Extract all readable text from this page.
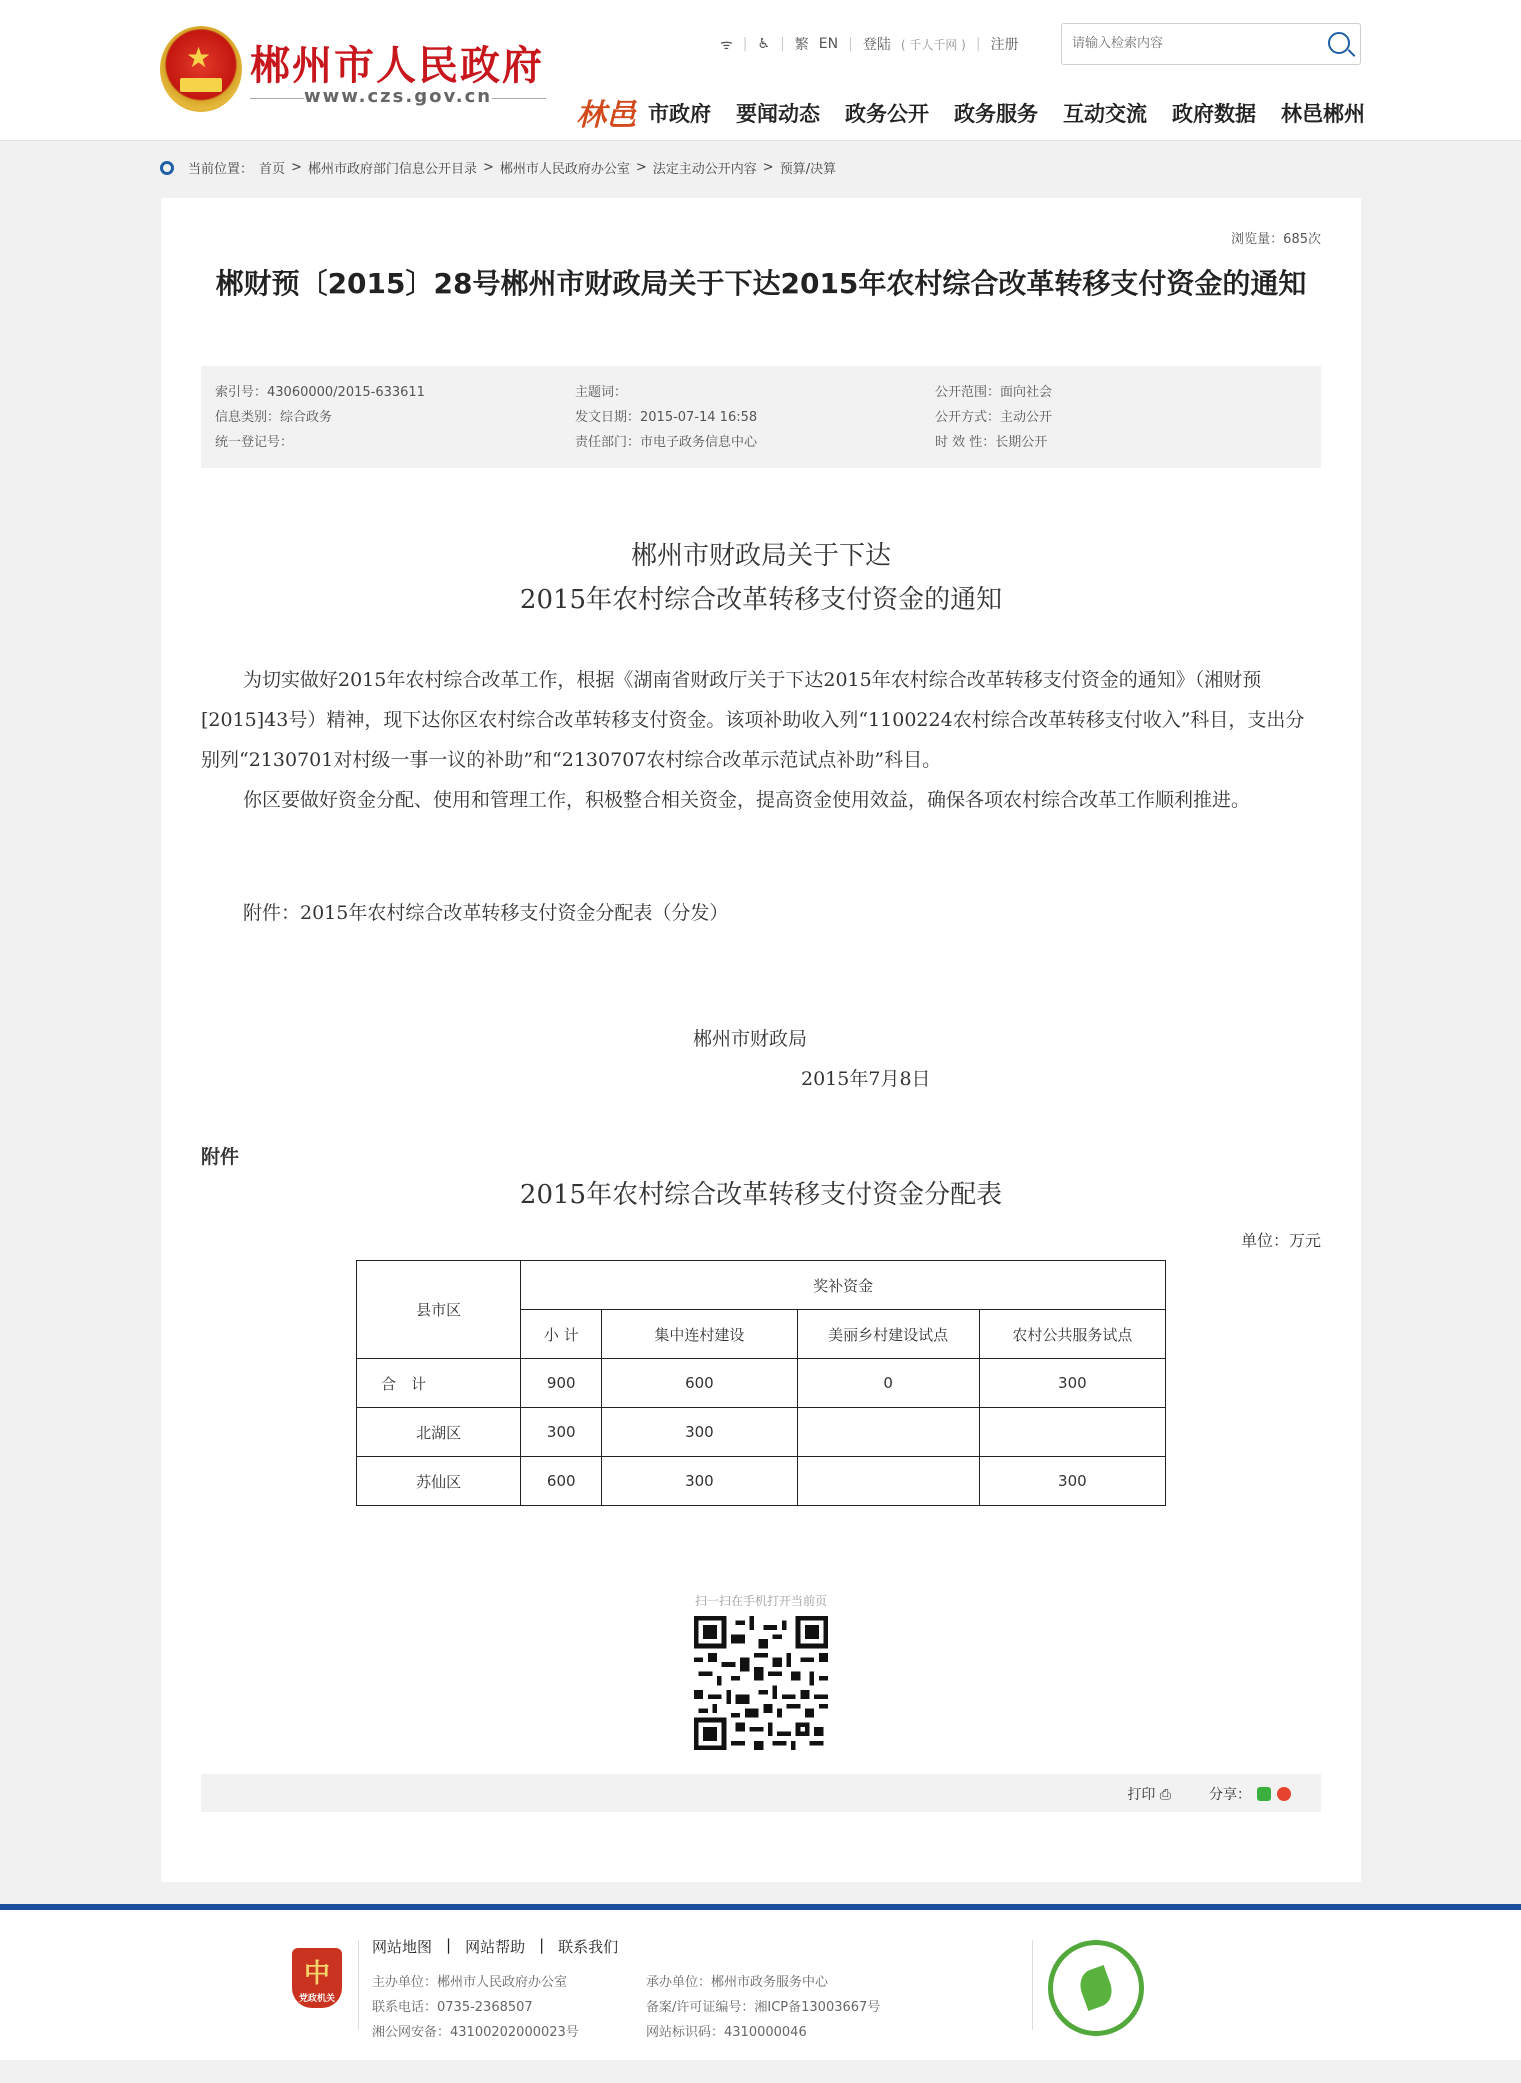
★ 郴州市人民政府
www.czs.gov.cn
ᯤ | ♿ | 繁 EN | 登陆 ( 千人千网 ) | 注册
请输入检索内容
林邑 市政府 要闻动态 政务公开 政务服务 互动交流 政府数据 林邑郴州
当前位置： 首页 > 郴州市政府部门信息公开目录 > 郴州市人民政府办公室 > 法定主动公开内容 > 预算/决算
浏览量：685次
郴财预〔2015〕28号郴州市财政局关于下达2015年农村综合改革转移支付资金的通知
索引号：43060000/2015-633611
信息类别：综合政务
统一登记号：
主题词：
发文日期：2015-07-14 16:58
责任部门：市电子政务信息中心
公开范围：面向社会
公开方式：主动公开
时 效 性：长期公开
郴州市财政局关于下达
2015年农村综合改革转移支付资金的通知

为切实做好2015年农村综合改革工作，根据《湖南省财政厅关于下达2015年农村综合改革转移支付资金的通知》（湘财预[2015]43号）精神，现下达你区农村综合改革转移支付资金。该项补助收入列“1100224农村综合改革转移支付收入”科目，支出分别列“2130701对村级一事一议的补助”和“2130707农村综合改革示范试点补助”科目。

你区要做好资金分配、使用和管理工作，积极整合相关资金，提高资金使用效益，确保各项农村综合改革工作顺利推进。

附件：2015年农村综合改革转移支付资金分配表（分发）
郴州市财政局
2015年7月8日
附件
2015年农村综合改革转移支付资金分配表
单位：万元
县市区	奖补资金			
	小 计	集中连村建设	美丽乡村建设试点	农村公共服务试点
合　计	900	600	0	300
北湖区	300	300		
苏仙区	600	300		300
扫一扫在手机打开当前页
打印 ⎙	分享：
党政机关
中
网站地图 | 网站帮助 | 联系我们
主办单位：郴州市人民政府办公室
联系电话：0735-2368507
湘公网安备：43100202000023号
承办单位：郴州市政务服务中心
备案/许可证编号：湘ICP备13003667号
网站标识码：4310000046
